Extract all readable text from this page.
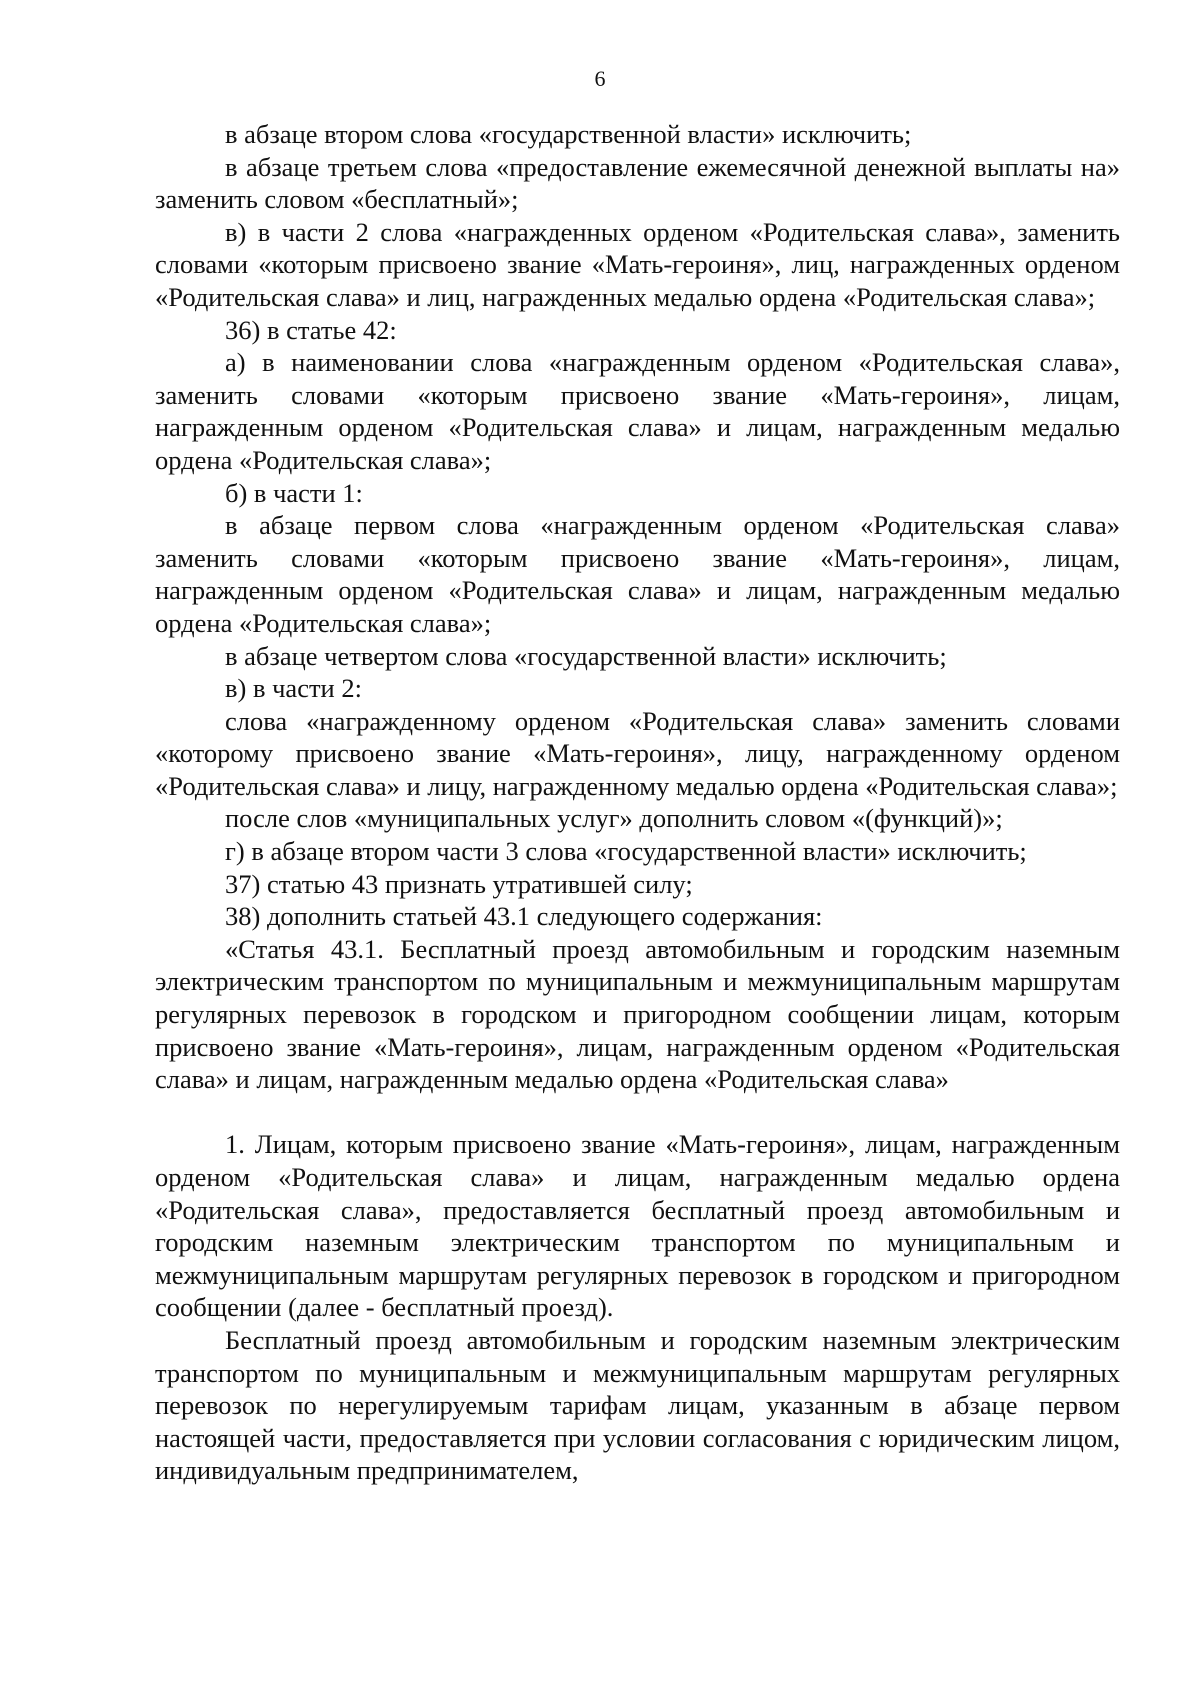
6

в абзаце втором слова «государственной власти» исключить;

в абзаце третьем слова «предоставление ежемесячной денежной выплаты на» заменить словом «бесплатный»;

в) в части 2 слова «награжденных орденом «Родительская слава», заменить словами «которым присвоено звание «Мать-героиня», лиц, награжденных орденом «Родительская слава» и лиц, награжденных медалью ордена «Родительская слава»;

36) в статье 42:

а) в наименовании слова «награжденным орденом «Родительская слава», заменить словами «которым присвоено звание «Мать-героиня», лицам, награжденным орденом «Родительская слава» и лицам, награжденным медалью ордена «Родительская слава»;

б) в части 1:

в абзаце первом слова «награжденным орденом «Родительская слава» заменить словами «которым присвоено звание «Мать-героиня», лицам, награжденным орденом «Родительская слава» и лицам, награжденным медалью ордена «Родительская слава»;

в абзаце четвертом слова «государственной власти» исключить;

в) в части 2:

слова «награжденному орденом «Родительская слава» заменить словами «которому присвоено звание «Мать-героиня», лицу, награжденному орденом «Родительская слава» и лицу, награжденному медалью ордена «Родительская слава»;

после слов «муниципальных услуг» дополнить словом «(функций)»;

г) в абзаце втором части 3 слова «государственной власти» исключить;

37) статью 43 признать утратившей силу;

38) дополнить статьей 43.1 следующего содержания:

«Статья 43.1. Бесплатный проезд автомобильным и городским наземным электрическим транспортом по муниципальным и межмуниципальным маршрутам регулярных перевозок в городском и пригородном сообщении лицам, которым присвоено звание «Мать-героиня», лицам, награжденным орденом «Родительская слава» и лицам, награжденным медалью ордена «Родительская слава»

1. Лицам, которым присвоено звание «Мать-героиня», лицам, награжденным орденом «Родительская слава» и лицам, награжденным медалью ордена «Родительская слава», предоставляется бесплатный проезд автомобильным и городским наземным электрическим транспортом по муниципальным и межмуниципальным маршрутам регулярных перевозок в городском и пригородном сообщении (далее - бесплатный проезд).

Бесплатный проезд автомобильным и городским наземным электрическим транспортом по муниципальным и межмуниципальным маршрутам регулярных перевозок по нерегулируемым тарифам лицам, указанным в абзаце первом настоящей части, предоставляется при условии согласования с юридическим лицом, индивидуальным предпринимателем,
